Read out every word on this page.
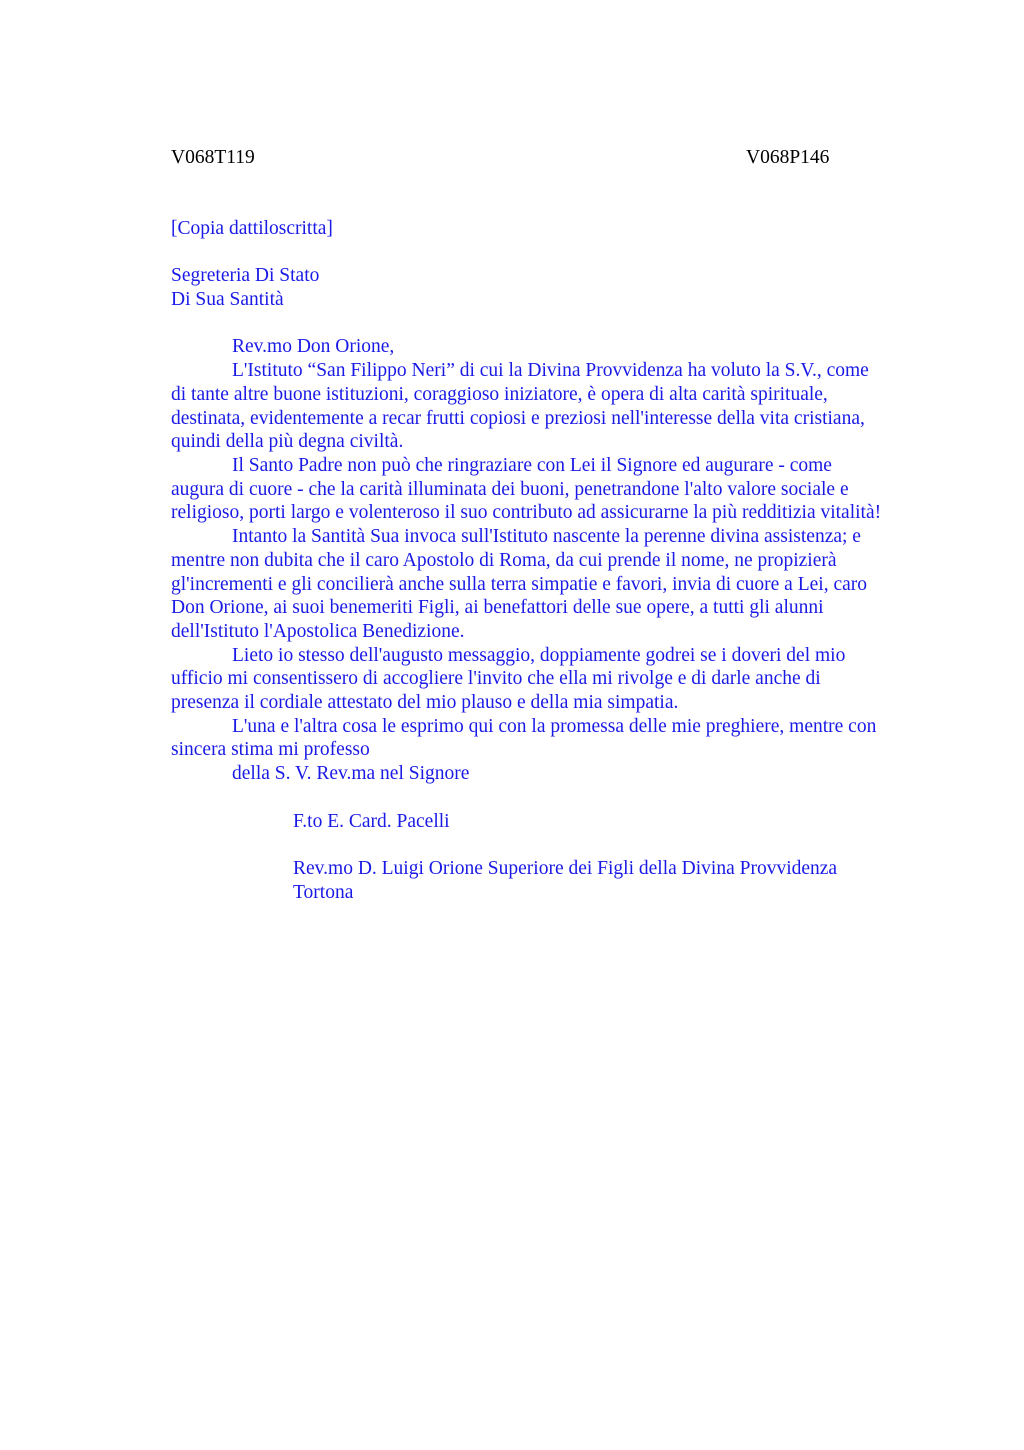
V068T119	V068P146
[Copia dattiloscritta]
Segreteria Di Stato
Di Sua Santità
Rev.mo Don Orione,
L'Istituto “San Filippo Neri” di cui la Divina Provvidenza ha voluto la S.V., come
di tante altre buone istituzioni, coraggioso iniziatore, è opera di alta carità spirituale,
destinata, evidentemente a recar frutti copiosi e preziosi nell'interesse della vita cristiana,
quindi della più degna civiltà.
Il Santo Padre non può che ringraziare con Lei il Signore ed augurare - come
augura di cuore - che la carità illuminata dei buoni, penetrandone l'alto valore sociale e
religioso, porti largo e volenteroso il suo contributo ad assicurarne la più redditizia vitalità!
Intanto la Santità Sua invoca sull'Istituto nascente la perenne divina assistenza; e
mentre non dubita che il caro Apostolo di Roma, da cui prende il nome, ne propizierà
gl'incrementi e gli concilierà anche sulla terra simpatie e favori, invia di cuore a Lei, caro
Don Orione, ai suoi benemeriti Figli, ai benefattori delle sue opere, a tutti gli alunni
dell'Istituto l'Apostolica Benedizione.
Lieto io stesso dell'augusto messaggio, doppiamente godrei se i doveri del mio
ufficio mi consentissero di accogliere l'invito che ella mi rivolge e di darle anche di
presenza il cordiale attestato del mio plauso e della mia simpatia.
L'una e l'altra cosa le esprimo qui con la promessa delle mie preghiere, mentre con
sincera stima mi professo
della S. V. Rev.ma nel Signore
F.to E. Card. Pacelli
Rev.mo D. Luigi Orione Superiore dei Figli della Divina Provvidenza
Tortona
